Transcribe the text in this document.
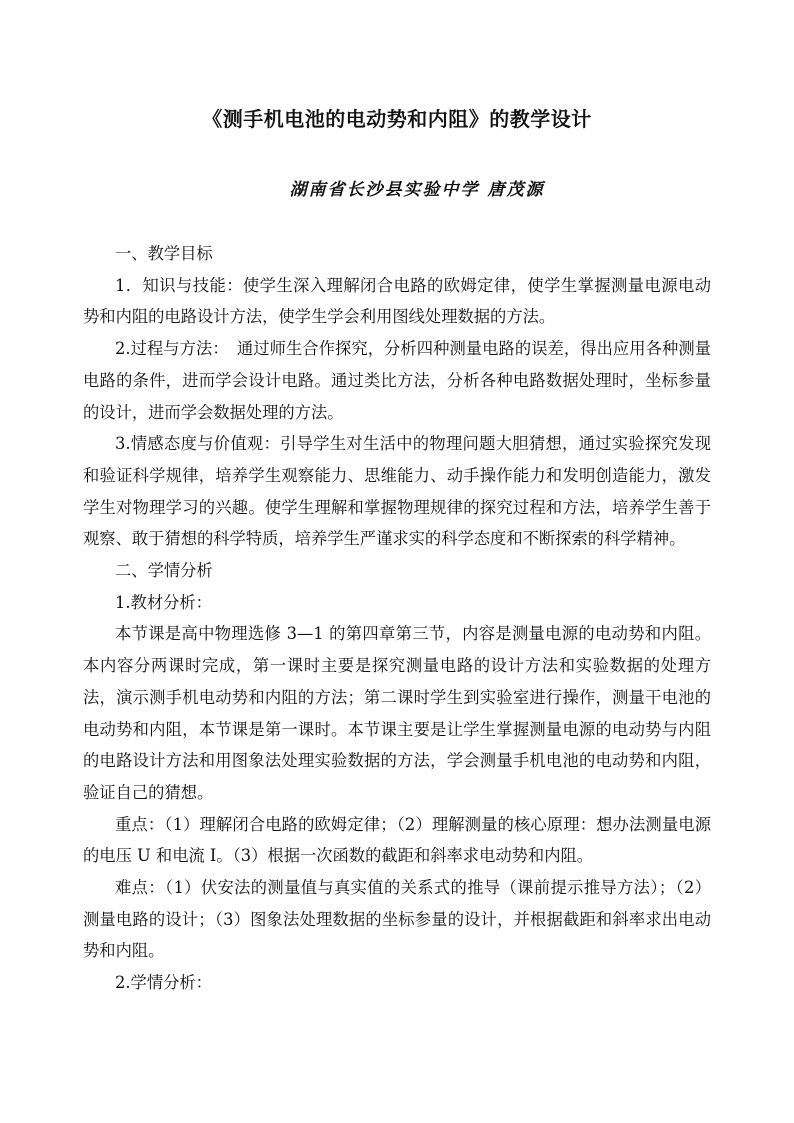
《测手机电池的电动势和内阻》的教学设计
湖南省长沙县实验中学 唐茂源

一、教学目标

1．知识与技能：使学生深入理解闭合电路的欧姆定律，使学生掌握测量电源电动势和内阻的电路设计方法，使学生学会利用图线处理数据的方法。

2.过程与方法：　通过师生合作探究，分析四种测量电路的误差，得出应用各种测量电路的条件，进而学会设计电路。通过类比方法，分析各种电路数据处理时，坐标参量的设计，进而学会数据处理的方法。

3.情感态度与价值观：引导学生对生活中的物理问题大胆猜想，通过实验探究发现和验证科学规律，培养学生观察能力、思维能力、动手操作能力和发明创造能力，激发学生对物理学习的兴趣。使学生理解和掌握物理规律的探究过程和方法，培养学生善于观察、敢于猜想的科学特质，培养学生严谨求实的科学态度和不断探索的科学精神。

二、学情分析

1.教材分析：

本节课是高中物理选修 3—1 的第四章第三节，内容是测量电源的电动势和内阻。本内容分两课时完成，第一课时主要是探究测量电路的设计方法和实验数据的处理方法，演示测手机电动势和内阻的方法；第二课时学生到实验室进行操作，测量干电池的电动势和内阻，本节课是第一课时。本节课主要是让学生掌握测量电源的电动势与内阻的电路设计方法和用图象法处理实验数据的方法，学会测量手机电池的电动势和内阻，验证自己的猜想。

重点：（1）理解闭合电路的欧姆定律；（2）理解测量的核心原理：想办法测量电源的电压 U 和电流 I。（3）根据一次函数的截距和斜率求电动势和内阻。

难点：（1）伏安法的测量值与真实值的关系式的推导（课前提示推导方法）；（2）测量电路的设计；（3）图象法处理数据的坐标参量的设计，并根据截距和斜率求出电动势和内阻。

2.学情分析：
